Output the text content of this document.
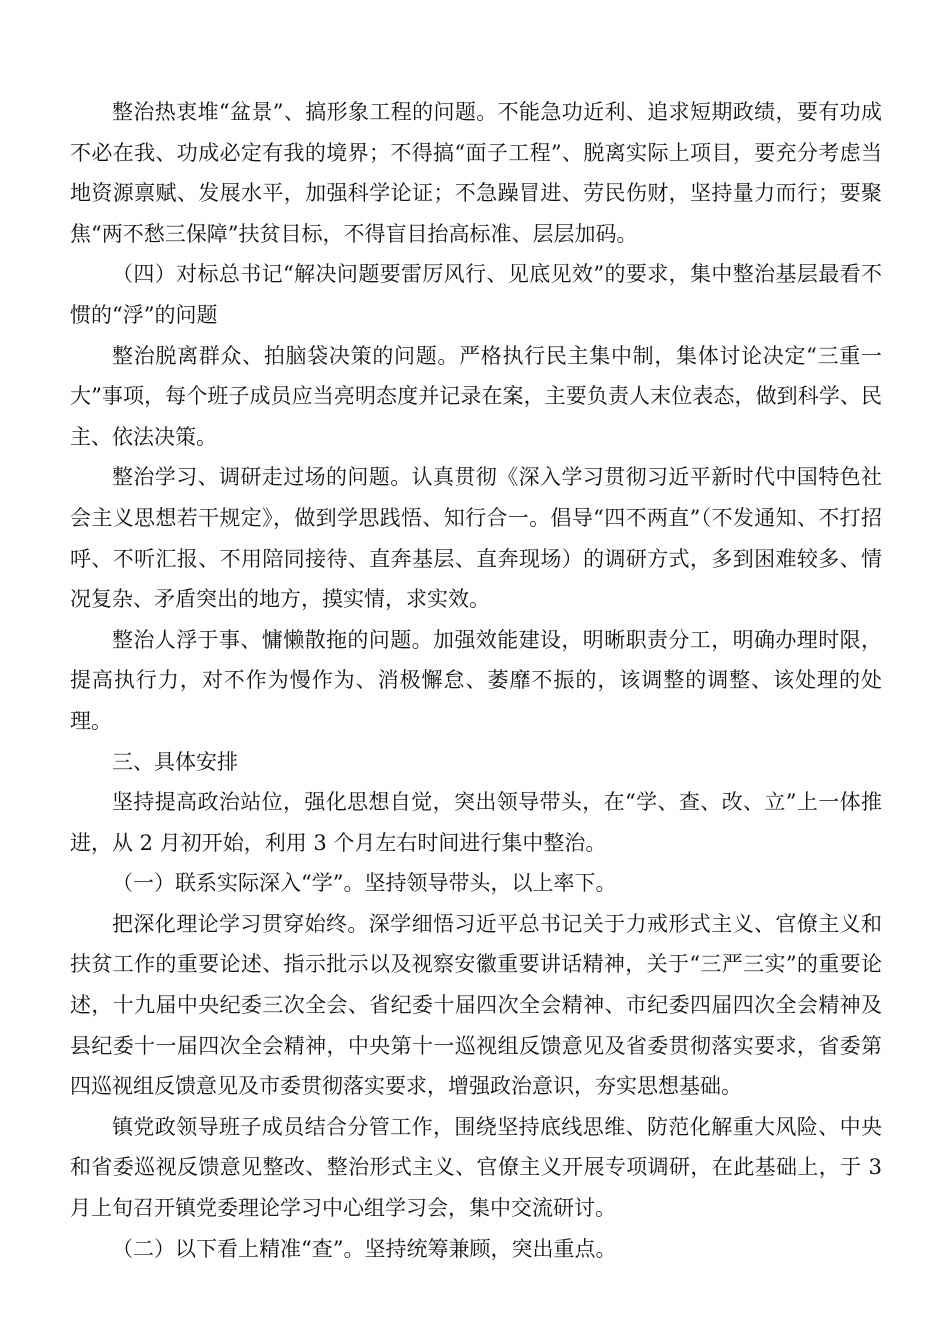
整治热衷堆“盆景”、搞形象工程的问题。不能急功近利、追求短期政绩，要有功成不必在我、功成必定有我的境界；不得搞“面子工程”、脱离实际上项目，要充分考虑当地资源禀赋、发展水平，加强科学论证；不急躁冒进、劳民伤财，坚持量力而行；要聚焦“两不愁三保障”扶贫目标，不得盲目抬高标准、层层加码。

（四）对标总书记“解决问题要雷厉风行、见底见效”的要求，集中整治基层最看不惯的“浮”的问题

整治脱离群众、拍脑袋决策的问题。严格执行民主集中制，集体讨论决定“三重一大”事项，每个班子成员应当亮明态度并记录在案，主要负责人末位表态，做到科学、民主、依法决策。

整治学习、调研走过场的问题。认真贯彻《深入学习贯彻习近平新时代中国特色社会主义思想若干规定》，做到学思践悟、知行合一。倡导“四不两直”（不发通知、不打招呼、不听汇报、不用陪同接待、直奔基层、直奔现场）的调研方式，多到困难较多、情况复杂、矛盾突出的地方，摸实情，求实效。

整治人浮于事、慵懒散拖的问题。加强效能建设，明晰职责分工，明确办理时限，提高执行力，对不作为慢作为、消极懈怠、萎靡不振的，该调整的调整、该处理的处理。

三、具体安排

坚持提高政治站位，强化思想自觉，突出领导带头，在“学、查、改、立”上一体推进，从 2 月初开始，利用 3 个月左右时间进行集中整治。

（一）联系实际深入“学”。坚持领导带头，以上率下。

把深化理论学习贯穿始终。深学细悟习近平总书记关于力戒形式主义、官僚主义和扶贫工作的重要论述、指示批示以及视察安徽重要讲话精神，关于“三严三实”的重要论述，十九届中央纪委三次全会、省纪委十届四次全会精神、市纪委四届四次全会精神及县纪委十一届四次全会精神，中央第十一巡视组反馈意见及省委贯彻落实要求，省委第四巡视组反馈意见及市委贯彻落实要求，增强政治意识，夯实思想基础。

镇党政领导班子成员结合分管工作，围绕坚持底线思维、防范化解重大风险、中央和省委巡视反馈意见整改、整治形式主义、官僚主义开展专项调研，在此基础上，于 3 月上旬召开镇党委理论学习中心组学习会，集中交流研讨。

（二）以下看上精准“查”。坚持统筹兼顾，突出重点。
